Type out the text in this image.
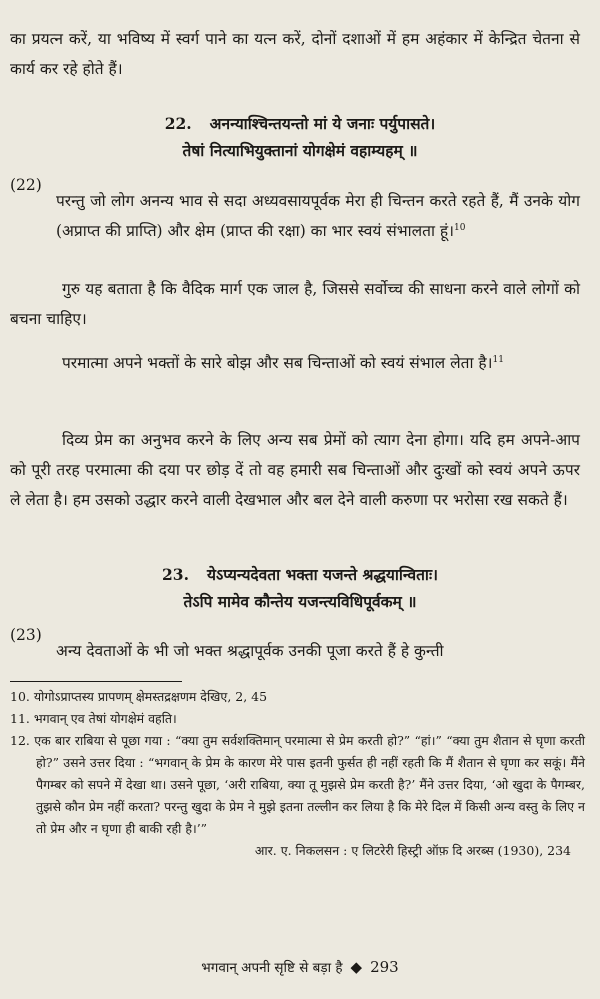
का प्रयत्न करें, या भविष्य में स्वर्ग पाने का यत्न करें, दोनों दशाओं में हम अहंकार में केन्द्रित चेतना से कार्य कर रहे होते हैं।

22. अनन्याश्चिन्तयन्तो मां ये जनाः पर्युपासते।
तेषां नित्याभियुक्तानां योगक्षेमं वहाम्यहम् ॥
(22)

परन्तु जो लोग अनन्य भाव से सदा अध्यवसायपूर्वक मेरा ही चिन्तन करते रहते हैं, मैं उनके योग (अप्राप्त की प्राप्ति) और क्षेम (प्राप्त की रक्षा) का भार स्वयं संभालता हूं।$^{10}$

गुरु यह बताता है कि वैदिक मार्ग एक जाल है, जिससे सर्वोच्च की साधना करने वाले लोगों को बचना चाहिए।

परमात्मा अपने भक्तों के सारे बोझ और सब चिन्ताओं को स्वयं संभाल लेता है।$^{11}$

दिव्य प्रेम का अनुभव करने के लिए अन्य सब प्रेमों को त्याग देना होगा। यदि हम अपने-आप को पूरी तरह परमात्मा की दया पर छोड़ दें तो वह हमारी सब चिन्ताओं और दुःखों को स्वयं अपने ऊपर ले लेता है। हम उसको उद्धार करने वाली देखभाल और बल देने वाली करुणा पर भरोसा रख सकते हैं।

23. येऽप्यन्यदेवता भक्ता यजन्ते श्रद्धयान्विताः।
तेऽपि मामेव कौन्तेय यजन्त्यविधिपूर्वकम् ॥
(23)

अन्य देवताओं के भी जो भक्त श्रद्धापूर्वक उनकी पूजा करते हैं हे कुन्ती

10. योगोऽप्राप्तस्य प्रापणम् क्षेमस्तद्रक्षणम देखिए, 2, 45

11. भगवान् एव तेषां योगक्षेमं वहति।

12. एक बार राबिया से पूछा गया : “क्या तुम सर्वशक्तिमान् परमात्मा से प्रेम करती हो?” “हां।” “क्या तुम शैतान से घृणा करती हो?” उसने उत्तर दिया : “भगवान् के प्रेम के कारण मेरे पास इतनी फुर्सत ही नहीं रहती कि मैं शैतान से घृणा कर सकूं। मैंने पैगम्बर को सपने में देखा था। उसने पूछा, ‘अरी राबिया, क्या तू मुझसे प्रेम करती है?’ मैंने उत्तर दिया, ‘ओ खुदा के पैगम्बर, तुझसे कौन प्रेम नहीं करता? परन्तु खुदा के प्रेम ने मुझे इतना तल्लीन कर लिया है कि मेरे दिल में किसी अन्य वस्तु के लिए न तो प्रेम और न घृणा ही बाकी रही है।’”

आर. ए. निकलसन : ए लिटरेरी हिस्ट्री ऑफ़ दि अरब्स (1930), 234

भगवान् अपनी सृष्टि से बड़ा है ◆ 293
